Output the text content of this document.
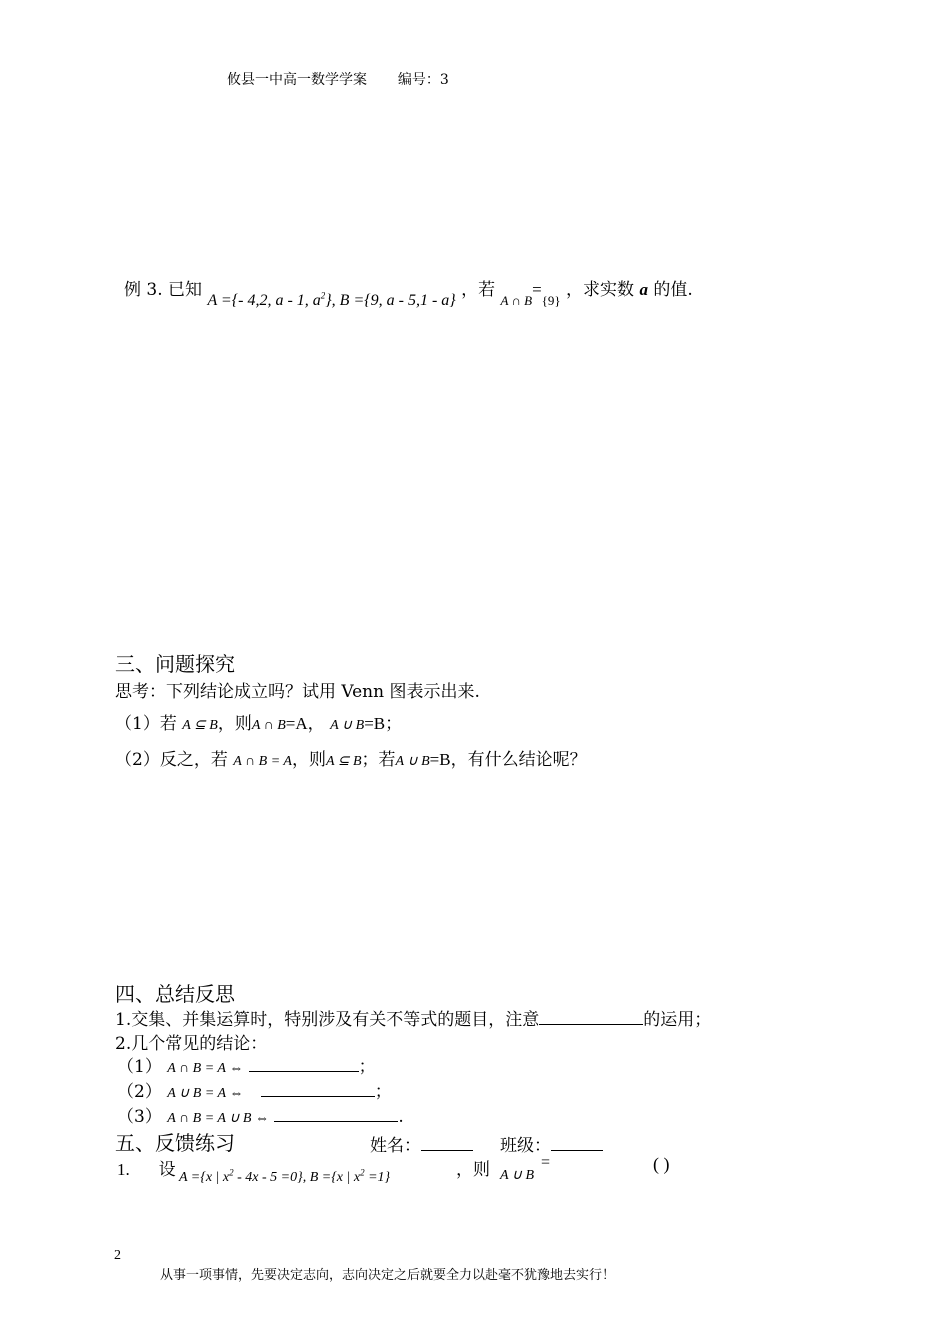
攸县一中高一数学学案 编号：3
例 3. 已知 A ={- 4,2, a - 1, $a^2$}, B ={9, a - 5,1 - a} ，若 $_{A \cap B}=_{\{9\}}$ ，求实数 a 的值.
三、问题探究
思考：下列结论成立吗？试用 Venn 图表示出来.
（1）若 A ⊆ B，则A ∩ B=A， A ∪ B=B；
（2）反之，若 A ∩ B = A，则A ⊆ B；若A ∪ B=B，有什么结论呢？
四、总结反思
1.交集、并集运算时，特别涉及有关不等式的题目，注意	的运用；
2.几个常见的结论：
（1） A ∩ B = A ⇔	；
（2） A ∪ B = A ⇔	；
（3） A ∩ B = A ∪ B ⇔	.
五、反馈练习	姓名：	班级：
1. 设 A ={x | $x^2 - 4x - 5 =0$}, B ={x | $x^2 =1$}	，则 A ∪ B
=	( )
2
从事一项事情，先要决定志向，志向决定之后就要全力以赴毫不犹豫地去实行！
